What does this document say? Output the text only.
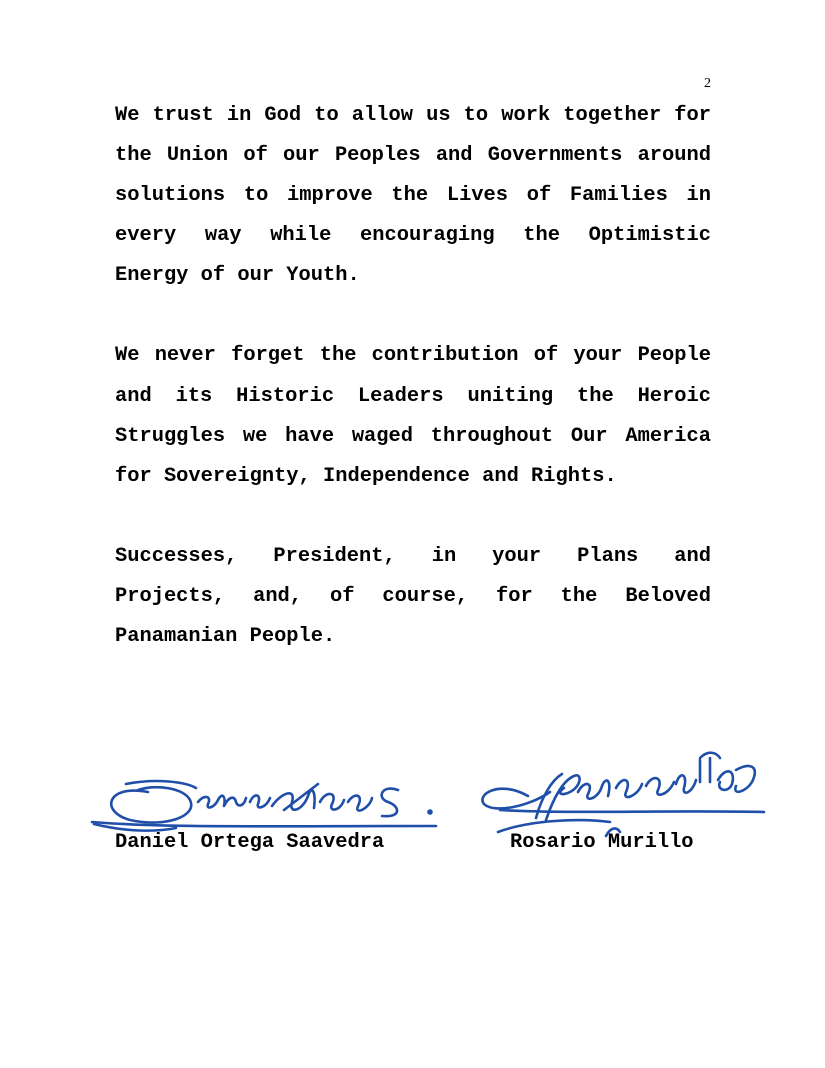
2

We trust in God to allow us to work together for the Union of our Peoples and Governments around solutions to improve the Lives of Families in every way while encouraging the Optimistic Energy of our Youth.

We never forget the contribution of your People and its Historic Leaders uniting the Heroic Struggles we have waged throughout Our America for Sovereignty, Independence and Rights.

Successes, President, in your Plans and Projects, and, of course, for the Beloved Panamanian People.

Daniel Ortega Saavedra	Rosario Murillo
